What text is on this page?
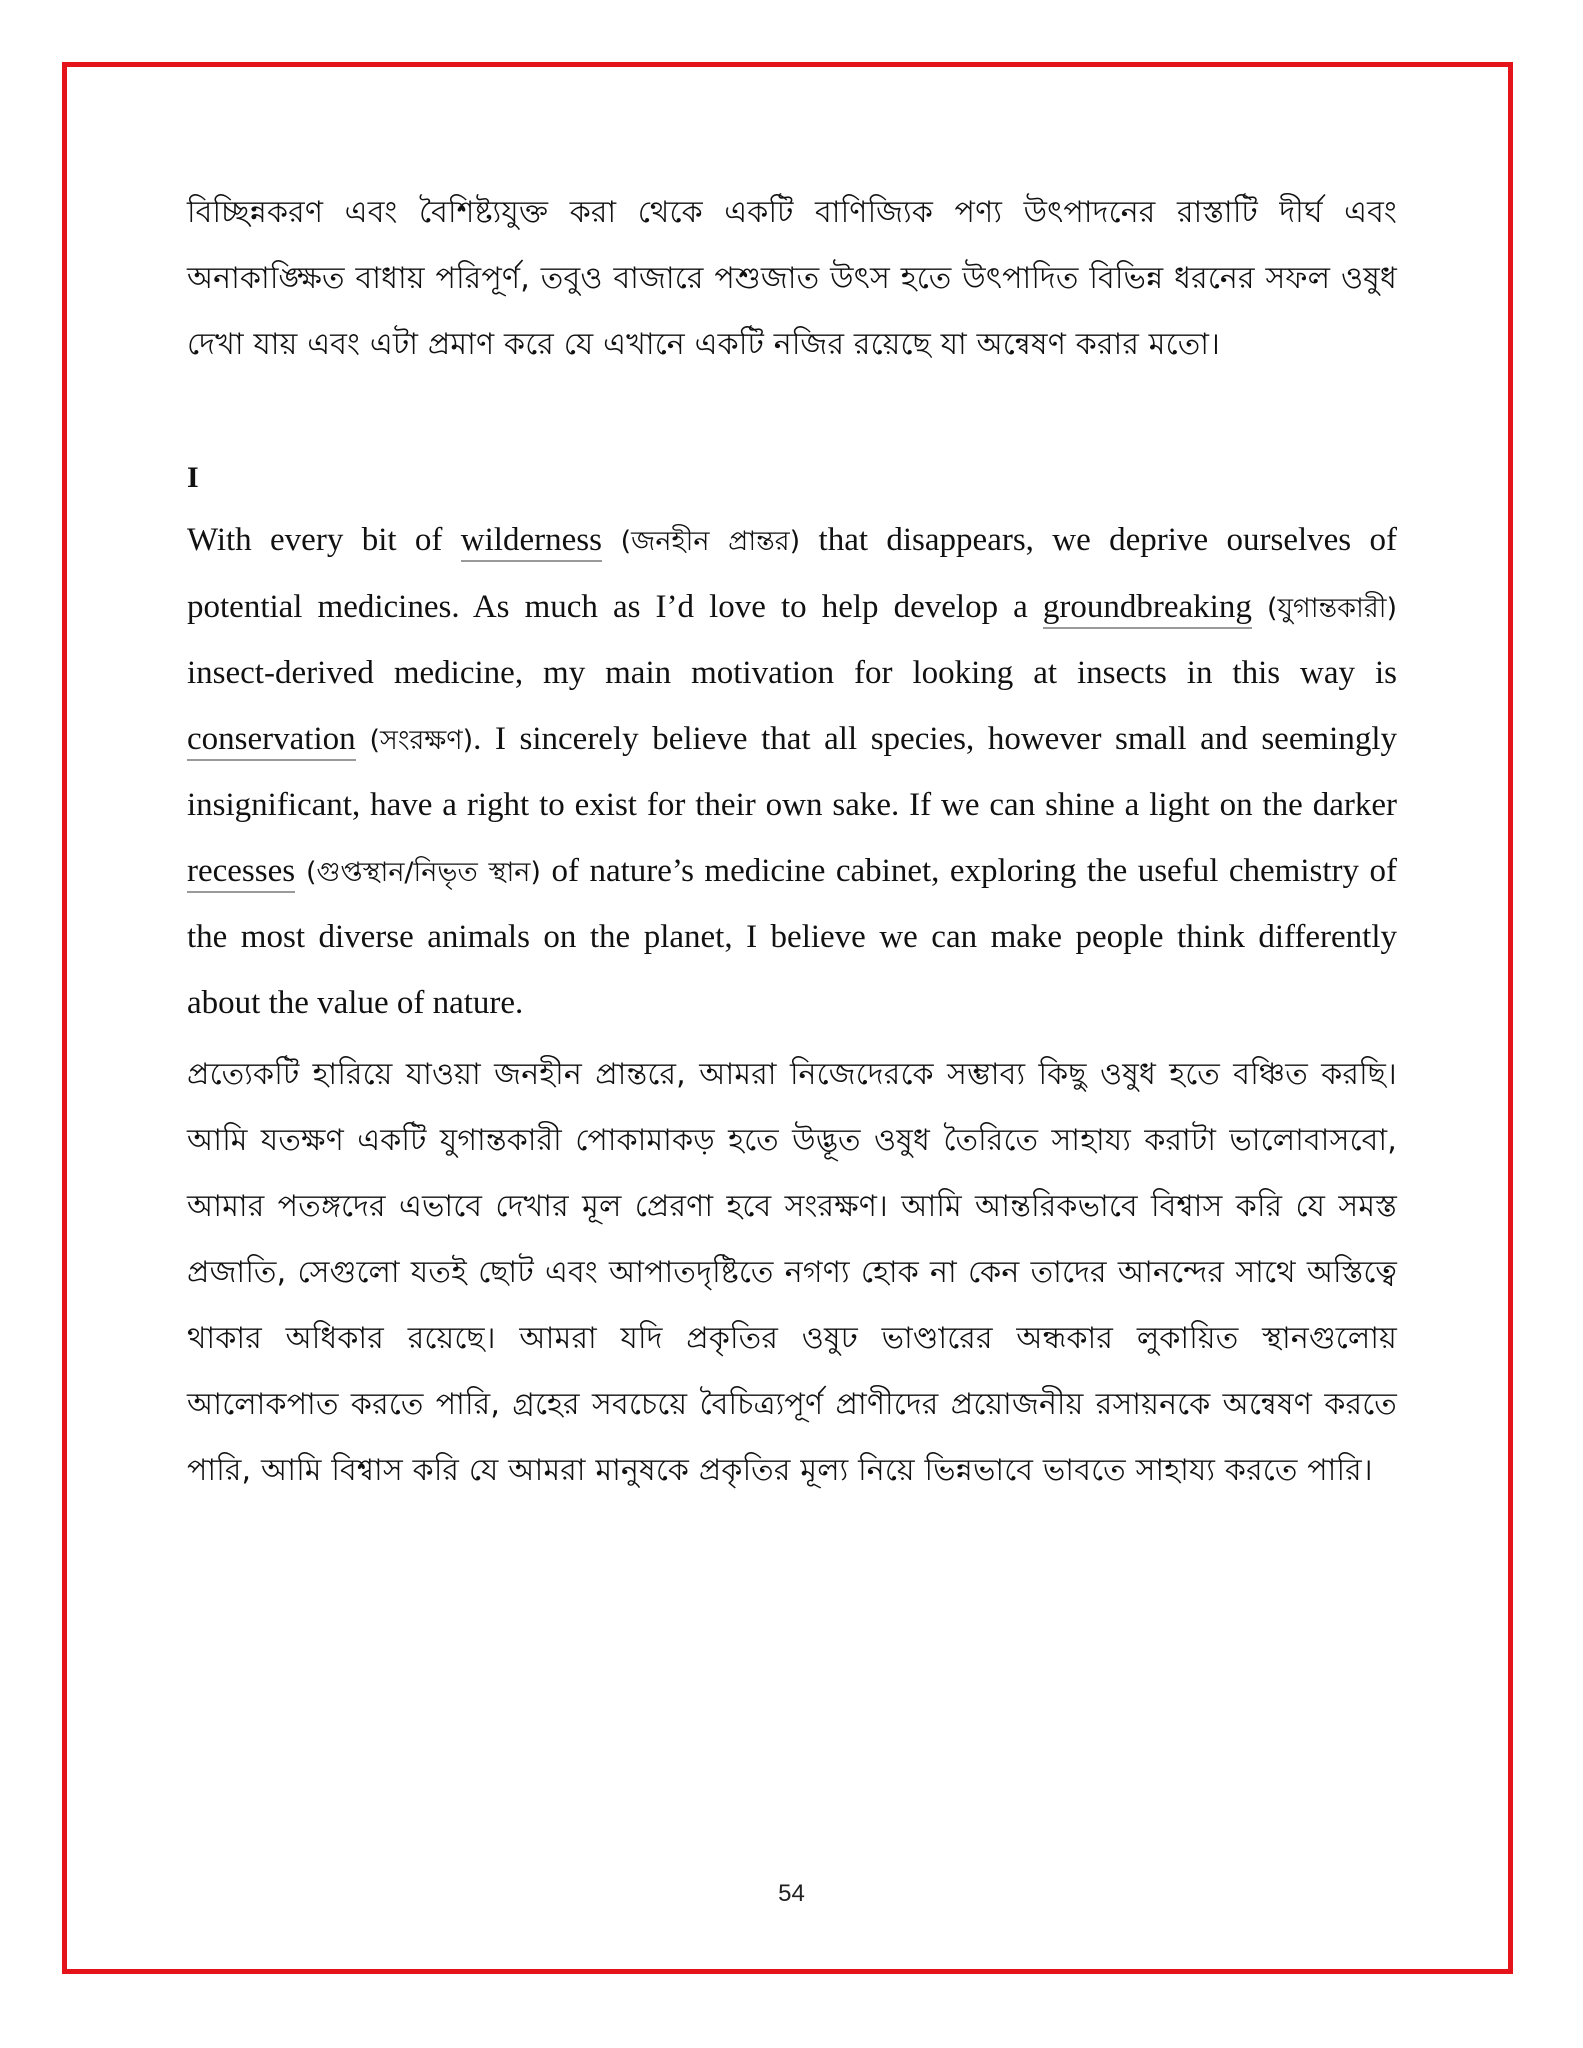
বিচ্ছিন্নকরণ এবং বৈশিষ্ট্যযুক্ত করা থেকে একটি বাণিজ্যিক পণ্য উৎপাদনের রাস্তাটি দীর্ঘ এবং অনাকাঙ্ক্ষিত বাধায় পরিপূর্ণ, তবুও বাজারে পশুজাত উৎস হতে উৎপাদিত বিভিন্ন ধরনের সফল ওষুধ দেখা যায় এবং এটা প্রমাণ করে যে এখানে একটি নজির রয়েছে যা অন্বেষণ করার মতো।

I

With every bit of wilderness (জনহীন প্রান্তর) that disappears, we deprive ourselves of potential medicines. As much as I’d love to help develop a groundbreaking (যুগান্তকারী) insect-derived medicine, my main motivation for looking at insects in this way is conservation (সংরক্ষণ). I sincerely believe that all species, however small and seemingly insignificant, have a right to exist for their own sake. If we can shine a light on the darker recesses (গুপ্তস্থান/নিভৃত স্থান) of nature’s medicine cabinet, exploring the useful chemistry of the most diverse animals on the planet, I believe we can make people think differently about the value of nature.

প্রত্যেকটি হারিয়ে যাওয়া জনহীন প্রান্তরে, আমরা নিজেদেরকে সম্ভাব্য কিছু ওষুধ হতে বঞ্চিত করছি। আমি যতক্ষণ একটি যুগান্তকারী পোকামাকড় হতে উদ্ভূত ওষুধ তৈরিতে সাহায্য করাটা ভালোবাসবো, আমার পতঙ্গদের এভাবে দেখার মূল প্রেরণা হবে সংরক্ষণ। আমি আন্তরিকভাবে বিশ্বাস করি যে সমস্ত প্রজাতি, সেগুলো যতই ছোট এবং আপাতদৃষ্টিতে নগণ্য হোক না কেন তাদের আনন্দের সাথে অস্তিত্বে থাকার অধিকার রয়েছে। আমরা যদি প্রকৃতির ওষুঢ ভাণ্ডারের অন্ধকার লুকায়িত স্থানগুলোয় আলোকপাত করতে পারি, গ্রহের সবচেয়ে বৈচিত্র্যপূর্ণ প্রাণীদের প্রয়োজনীয় রসায়নকে অন্বেষণ করতে পারি, আমি বিশ্বাস করি যে আমরা মানুষকে প্রকৃতির মূল্য নিয়ে ভিন্নভাবে ভাবতে সাহায্য করতে পারি।

54
